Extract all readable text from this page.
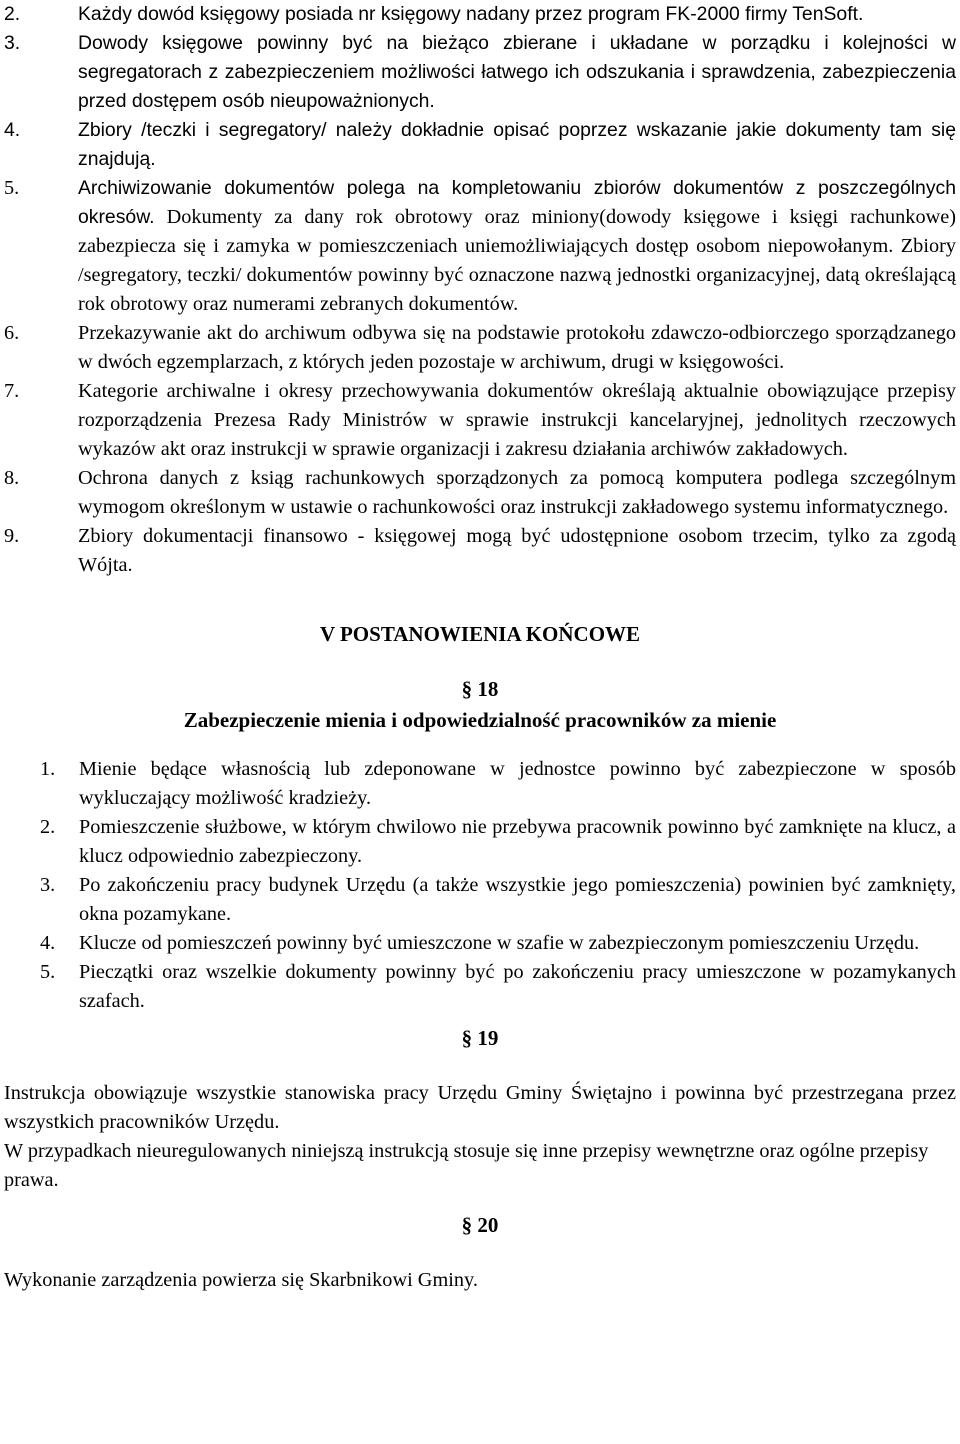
2.	Każdy dowód księgowy posiada nr księgowy nadany przez program FK-2000 firmy TenSoft.
3.	Dowody księgowe powinny być na bieżąco zbierane i układane w porządku i kolejności w segregatorach z zabezpieczeniem możliwości łatwego ich odszukania i sprawdzenia, zabezpieczenia przed dostępem osób nieupoważnionych.
4.	Zbiory /teczki i segregatory/ należy dokładnie opisać poprzez wskazanie jakie dokumenty tam się znajdują.
5.	Archiwizowanie dokumentów polega na kompletowaniu zbiorów dokumentów z poszczególnych okresów. Dokumenty za dany rok obrotowy oraz miniony(dowody księgowe i księgi rachunkowe) zabezpiecza się i zamyka w pomieszczeniach uniemożliwiających dostęp osobom niepowołanym. Zbiory /segregatory, teczki/ dokumentów powinny być oznaczone nazwą jednostki organizacyjnej, datą określającą rok obrotowy oraz numerami zebranych dokumentów.
6.	Przekazywanie akt do archiwum odbywa się na podstawie protokołu zdawczo-odbiorczego sporządzanego w dwóch egzemplarzach, z których jeden pozostaje w archiwum, drugi w księgowości.
7.	Kategorie archiwalne i okresy przechowywania dokumentów określają aktualnie obowiązujące przepisy rozporządzenia Prezesa Rady Ministrów w sprawie instrukcji kancelaryjnej, jednolitych rzeczowych wykazów akt oraz instrukcji w sprawie organizacji i zakresu działania archiwów zakładowych.
8.	Ochrona danych z ksiąg rachunkowych sporządzonych za pomocą komputera podlega szczególnym wymogom określonym w ustawie o rachunkowości oraz instrukcji zakładowego systemu informatycznego.
9.	Zbiory dokumentacji finansowo - księgowej mogą być udostępnione osobom trzecim, tylko za zgodą Wójta.
V POSTANOWIENIA KOŃCOWE
§ 18
Zabezpieczenie mienia i odpowiedzialność pracowników za mienie
1. Mienie będące własnością lub zdeponowane w jednostce powinno być zabezpieczone w sposób wykluczający możliwość kradzieży.
2. Pomieszczenie służbowe, w którym chwilowo nie przebywa pracownik powinno być zamknięte na klucz, a klucz odpowiednio zabezpieczony.
3. Po zakończeniu pracy budynek Urzędu (a także wszystkie jego pomieszczenia) powinien być zamknięty, okna pozamykane.
4. Klucze od pomieszczeń powinny być umieszczone w szafie w zabezpieczonym pomieszczeniu Urzędu.
5. Pieczątki oraz wszelkie dokumenty powinny być po zakończeniu pracy umieszczone w pozamykanych szafach.
§ 19

Instrukcja obowiązuje wszystkie stanowiska pracy Urzędu Gminy Świętajno i powinna być przestrzegana przez wszystkich pracowników Urzędu.

W przypadkach nieuregulowanych niniejszą instrukcją stosuje się inne przepisy wewnętrzne oraz ogólne przepisy prawa.

§ 20

Wykonanie zarządzenia powierza się Skarbnikowi Gminy.
